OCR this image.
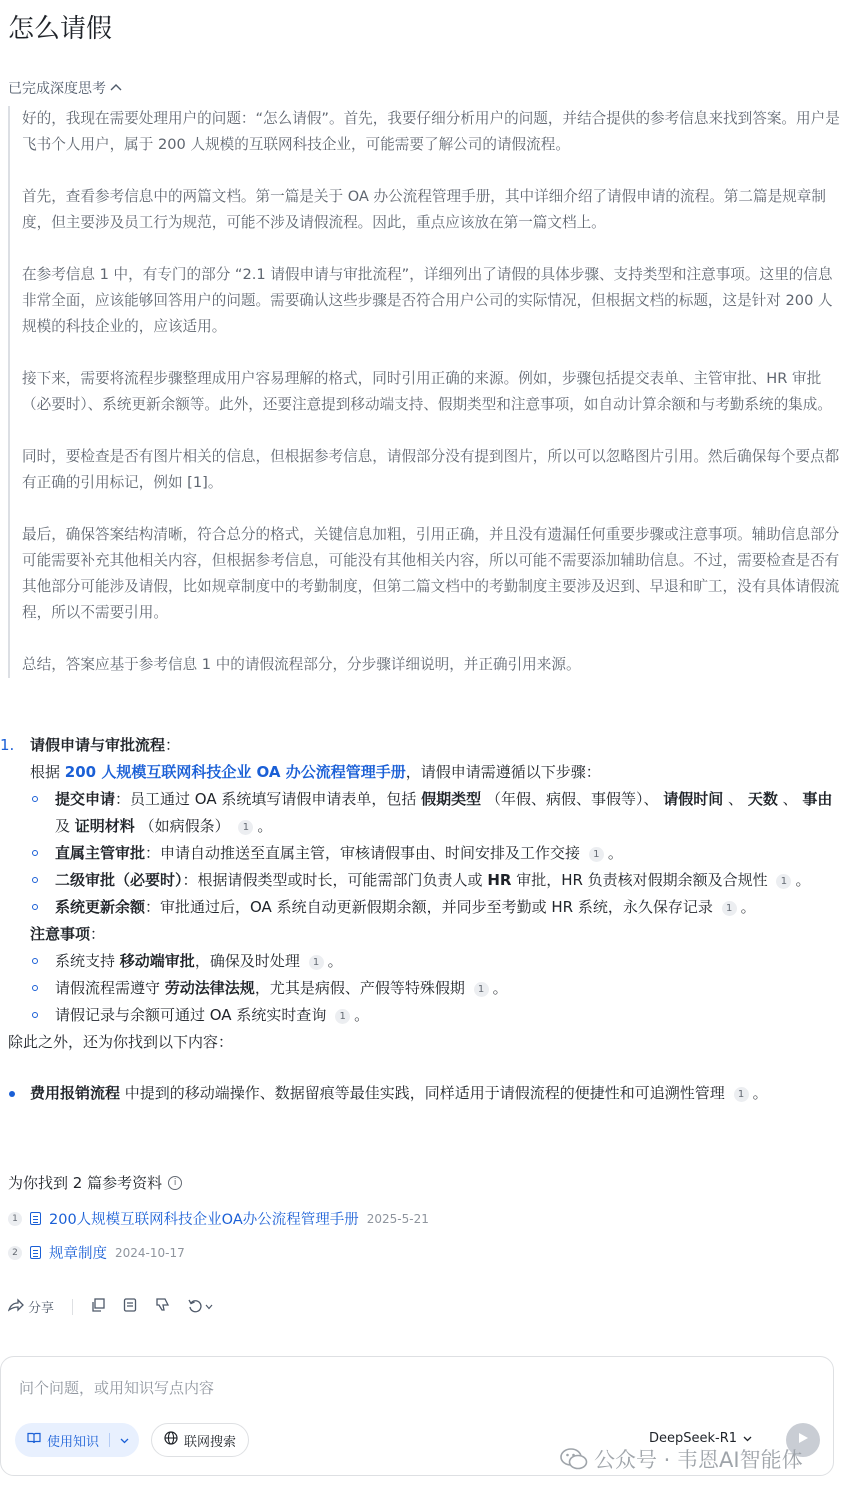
怎么请假
已完成深度思考

好的，我现在需要处理用户的问题：“怎么请假”。首先，我要仔细分析用户的问题，并结合提供的参考信息来找到答案。用户是飞书个人用户，属于 200 人规模的互联网科技企业，可能需要了解公司的请假流程。

首先，查看参考信息中的两篇文档。第一篇是关于 OA 办公流程管理手册，其中详细介绍了请假申请的流程。第二篇是规章制度，但主要涉及员工行为规范，可能不涉及请假流程。因此，重点应该放在第一篇文档上。

在参考信息 1 中，有专门的部分 “2.1 请假申请与审批流程”，详细列出了请假的具体步骤、支持类型和注意事项。这里的信息非常全面，应该能够回答用户的问题。需要确认这些步骤是否符合用户公司的实际情况，但根据文档的标题，这是针对 200 人规模的科技企业的，应该适用。

接下来，需要将流程步骤整理成用户容易理解的格式，同时引用正确的来源。例如，步骤包括提交表单、主管审批、HR 审批（必要时）、系统更新余额等。此外，还要注意提到移动端支持、假期类型和注意事项，如自动计算余额和与考勤系统的集成。

同时，要检查是否有图片相关的信息，但根据参考信息，请假部分没有提到图片，所以可以忽略图片引用。然后确保每个要点都有正确的引用标记，例如 [1]。

最后，确保答案结构清晰，符合总分的格式，关键信息加粗，引用正确，并且没有遗漏任何重要步骤或注意事项。辅助信息部分可能需要补充其他相关内容，但根据参考信息，可能没有其他相关内容，所以可能不需要添加辅助信息。不过，需要检查是否有其他部分可能涉及请假，比如规章制度中的考勤制度，但第二篇文档中的考勤制度主要涉及迟到、早退和旷工，没有具体请假流程，所以不需要引用。

总结，答案应基于参考信息 1 中的请假流程部分，分步骤详细说明，并正确引用来源。

1. 请假申请与审批流程：
根据 200 人规模互联网科技企业 OA 办公流程管理手册，请假申请需遵循以下步骤：
提交申请：员工通过 OA 系统填写请假申请表单，包括 假期类型 （年假、病假、事假等）、 请假时间 、 天数 、 事由 及 证明材料 （如病假条） 1 。
直属主管审批：申请自动推送至直属主管，审核请假事由、时间安排及工作交接 1 。
二级审批（必要时）：根据请假类型或时长，可能需部门负责人或 HR 审批，HR 负责核对假期余额及合规性 1 。
系统更新余额：审批通过后，OA 系统自动更新假期余额，并同步至考勤或 HR 系统，永久保存记录 1 。
注意事项：
系统支持 移动端审批，确保及时处理 1 。
请假流程需遵守 劳动法律法规，尤其是病假、产假等特殊假期 1 。
请假记录与余额可通过 OA 系统实时查询 1 。
除此之外，还为你找到以下内容：
费用报销流程 中提到的移动端操作、数据留痕等最佳实践，同样适用于请假流程的便捷性和可追溯性管理 1 。
为你找到 2 篇参考资料	i
1 200人规模互联网科技企业OA办公流程管理手册 2025-5-21
2 规章制度 2024-10-17
分享
问个问题，或用知识写点内容
使用知识	联网搜索	DeepSeek-R1
公众号 · 韦恩AI智能体
